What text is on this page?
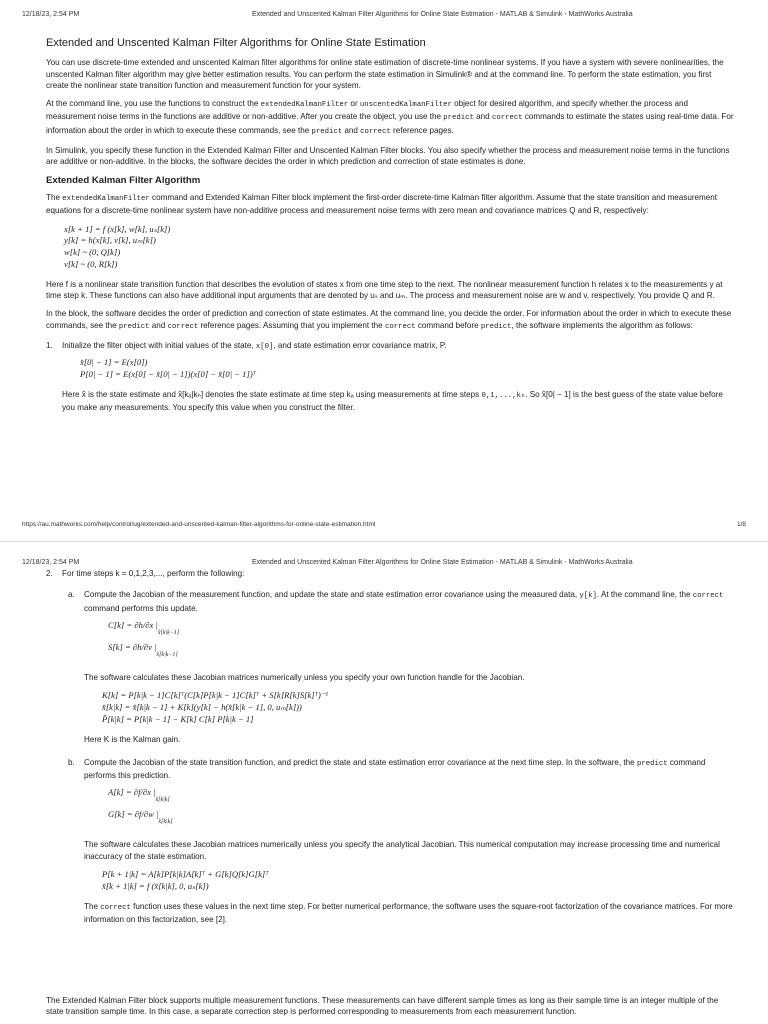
12/18/23, 2:54 PM	Extended and Unscented Kalman Filter Algorithms for Online State Estimation - MATLAB & Simulink - MathWorks Australia
Extended and Unscented Kalman Filter Algorithms for Online State Estimation

You can use discrete-time extended and unscented Kalman filter algorithms for online state estimation of discrete-time nonlinear systems. If you have a system with severe nonlinearities, the unscented Kalman filter algorithm may give better estimation results. You can perform the state estimation in Simulink® and at the command line. To perform the state estimation, you first create the nonlinear state transition function and measurement function for your system.

At the command line, you use the functions to construct the extendedKalmanFilter or unscentedKalmanFilter object for desired algorithm, and specify whether the process and measurement noise terms in the functions are additive or non-additive. After you create the object, you use the predict and correct commands to estimate the states using real-time data. For information about the order in which to execute these commands, see the predict and correct reference pages.

In Simulink, you specify these function in the Extended Kalman Filter and Unscented Kalman Filter blocks. You also specify whether the process and measurement noise terms in the functions are additive or non-additive. In the blocks, the software decides the order in which prediction and correction of state estimates is done.

Extended Kalman Filter Algorithm

The extendedKalmanFilter command and Extended Kalman Filter block implement the first-order discrete-time Kalman filter algorithm. Assume that the state transition and measurement equations for a discrete-time nonlinear system have non-additive process and measurement noise terms with zero mean and covariance matrices Q and R, respectively:

x[k + 1] = f (x[k], w[k], uₛ[k])
y[k] = h(x[k], v[k], uₘ[k])
w[k] ~ (0, Q[k])
v[k] ~ (0, R[k])

Here f is a nonlinear state transition function that describes the evolution of states x from one time step to the next. The nonlinear measurement function h relates x to the measurements y at time step k. These functions can also have additional input arguments that are denoted by uₛ and uₘ. The process and measurement noise are w and v, respectively. You provide Q and R.

In the block, the software decides the order of prediction and correction of state estimates. At the command line, you decide the order. For information about the order in which to execute these commands, see the predict and correct reference pages. Assuming that you implement the correct command before predict, the software implements the algorithm as follows:

1.	Initialize the filter object with initial values of the state, x[0], and state estimation error covariance matrix, P.
x̂[0| − 1] = E(x[0])
P[0| − 1] = E(x[0] − x̂[0| − 1])(x[0] − x̂[0| − 1])ᵀ
Here x̂ is the state estimate and x̂[kₐ|kₕ] denotes the state estimate at time step kₐ using measurements at time steps 0,1,...,kₕ. So x̂[0| − 1] is the best guess of the state value before you make any measurements. You specify this value when you construct the filter.
https://au.mathworks.com/help/control/ug/extended-and-unscented-kalman-filter-algorithms-for-online-state-estimation.html	1/8
12/18/23, 2:54 PM	Extended and Unscented Kalman Filter Algorithms for Online State Estimation - MATLAB & Simulink - MathWorks Australia
2.	For time steps k = 0,1,2,3,..., perform the following:
a.	Compute the Jacobian of the measurement function, and update the state and state estimation error covariance using the measured data, y[k]. At the command line, the correct command performs this update.
C[k] = ∂h/∂x $|_{x̂[k|k-1]}$
S[k] = ∂h/∂v $|_{x̂[k|k-1]}$

The software calculates these Jacobian matrices numerically unless you specify your own function handle for the Jacobian.

K[k] = P[k|k − 1]C[k]ᵀ(C[k]P[k|k − 1]C[k]ᵀ + S[k]R[k]S[k]ᵀ)⁻¹
x̂[k|k] = x̂[k|k − 1] + K[k](y[k] − h(x̂[k|k − 1], 0, uₘ[k]))
P̂[k|k] = P[k|k − 1] − K[k] C[k] P[k|k − 1]

Here K is the Kalman gain.

b.	Compute the Jacobian of the state transition function, and predict the state and state estimation error covariance at the next time step. In the software, the predict command performs this prediction.
A[k] = ∂f/∂x $|_{x̂[k|k]}$
G[k] = ∂f/∂w $|_{x̂[k|k]}$

The software calculates these Jacobian matrices numerically unless you specify the analytical Jacobian. This numerical computation may increase processing time and numerical inaccuracy of the state estimation.

P[k + 1|k] = A[k]P[k|k]A[k]ᵀ + G[k]Q[k]G[k]ᵀ
x̂[k + 1|k] = f (x̂[k|k], 0, uₛ[k])

The correct function uses these values in the next time step. For better numerical performance, the software uses the square-root factorization of the covariance matrices. For more information on this factorization, see [2].

The Extended Kalman Filter block supports multiple measurement functions. These measurements can have different sample times as long as their sample time is an integer multiple of the state transition sample time. In this case, a separate correction step is performed corresponding to measurements from each measurement function.
